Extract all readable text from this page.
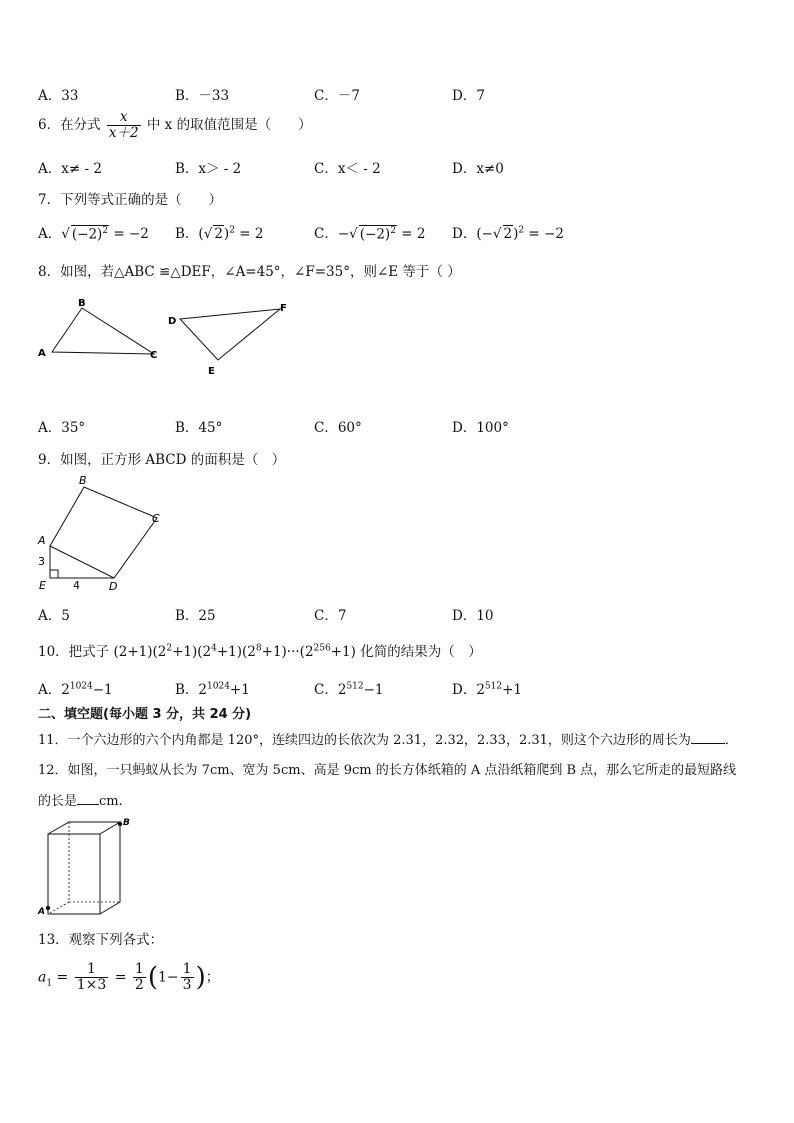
A．33	B．－33	C．－7	D．7
6．在分式 $\frac{x}{x+2}$ 中 x 的取值范围是（　　）
A．x≠ - 2	B．x＞ - 2	C．x＜ - 2	D．x≠0
7．下列等式正确的是（　　）
A．√ $(-2)^2 = -2$ B．(√ 2)$^2$ = 2	C．−√ $(-2)^2 = 2$ D．(−√ 2)$^2$ = −2
8．如图，若△ABC ≌△DEF，∠A=45°，∠F=35°，则∠E 等于（ ）
A
B
C
D
E
F
A．35°	B．45°	C．60°	D．100°
9．如图，正方形 ABCD 的面积是（　）
A
B
C
D
E
3
4
A．5	B．25	C．7	D．10
10．把式子 $(2+1)(2^2+1)(2^4+1)(2^8+1)\cdot\cdot\cdot(2^{256}+1)$ 化简的结果为（　）
A．$2^{1024}-1$	B．$2^{1024}+1$	C．$2^{512}-1$	D．$2^{512}+1$
二、填空题(每小题 3 分，共 24 分)
11．一个六边形的六个内角都是 120°，连续四边的长依次为 2.31，2.32，2.33，2.31，则这个六边形的周长为	．
12．如图，一只蚂蚁从长为 7cm、宽为 5cm、高是 9cm 的长方体纸箱的 A 点沿纸箱爬到 B 点，那么它所走的最短路线
的长是 cm.
A
B
13．观察下列各式：
$a_1 = \frac{1}{1\times 3} = \frac{1}{2} (1- \frac{1}{3}$ )；
